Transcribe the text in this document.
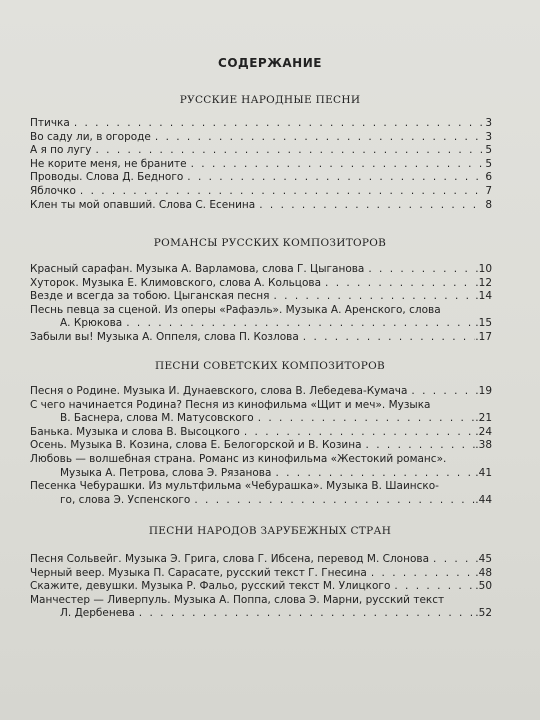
СОДЕРЖАНИЕ
РУССКИЕ НАРОДНЫЕ ПЕСНИ
Птичка . . .	3
Во саду ли, в огороде . . .	3
А я по лугу . . .	5
Не корите меня, не браните . . .	5
Проводы. Слова Д. Бедного . . .	6
Яблочко . . .	7
Клен ты мой опавший. Слова С. Есенина . . .	8
РОМАНСЫ РУССКИХ КОМПОЗИТОРОВ
Красный сарафан. Музыка А. Варламова, слова Г. Цыганова . . .	.10
Хуторок. Музыка Е. Климовского, слова А. Кольцова . . .	.12
Везде и всегда за тобою. Цыганская песня . . .	.14
Песнь певца за сценой. Из оперы «Рафаэль». Музыка А. Аренского, слова
А. Крюкова . . .	.15
Забыли вы! Музыка А. Оппеля, слова П. Козлова . . .	.17
ПЕСНИ СОВЕТСКИХ КОМПОЗИТОРОВ
Песня о Родине. Музыка И. Дунаевского, слова В. Лебедева-Кумача . . .	.19
С чего начинается Родина? Песня из кинофильма «Щит и меч». Музыка
В. Баснера, слова М. Матусовского . . .	.21
Банька. Музыка и слова В. Высоцкого . . .	.24
Осень. Музыка В. Козина, слова Е. Белогорской и В. Козина . . .	.38
Любовь — волшебная страна. Романс из кинофильма «Жестокий романс».
Музыка А. Петрова, слова Э. Рязанова . . .	.41
Песенка Чебурашки. Из мультфильма «Чебурашка». Музыка В. Шаинско-
го, слова Э. Успенского . . .	.44
ПЕСНИ НАРОДОВ ЗАРУБЕЖНЫХ СТРАН
Песня Сольвейг. Музыка Э. Грига, слова Г. Ибсена, перевод М. Слонова . . .	.45
Черный веер. Музыка П. Сарасате, русский текст Г. Гнесина . . .	.48
Скажите, девушки. Музыка Р. Фальо, русский текст М. Улицкого . . .	.50
Манчестер — Ливерпуль. Музыка А. Поппа, слова Э. Марни, русский текст
Л. Дербенева . . .	.52
